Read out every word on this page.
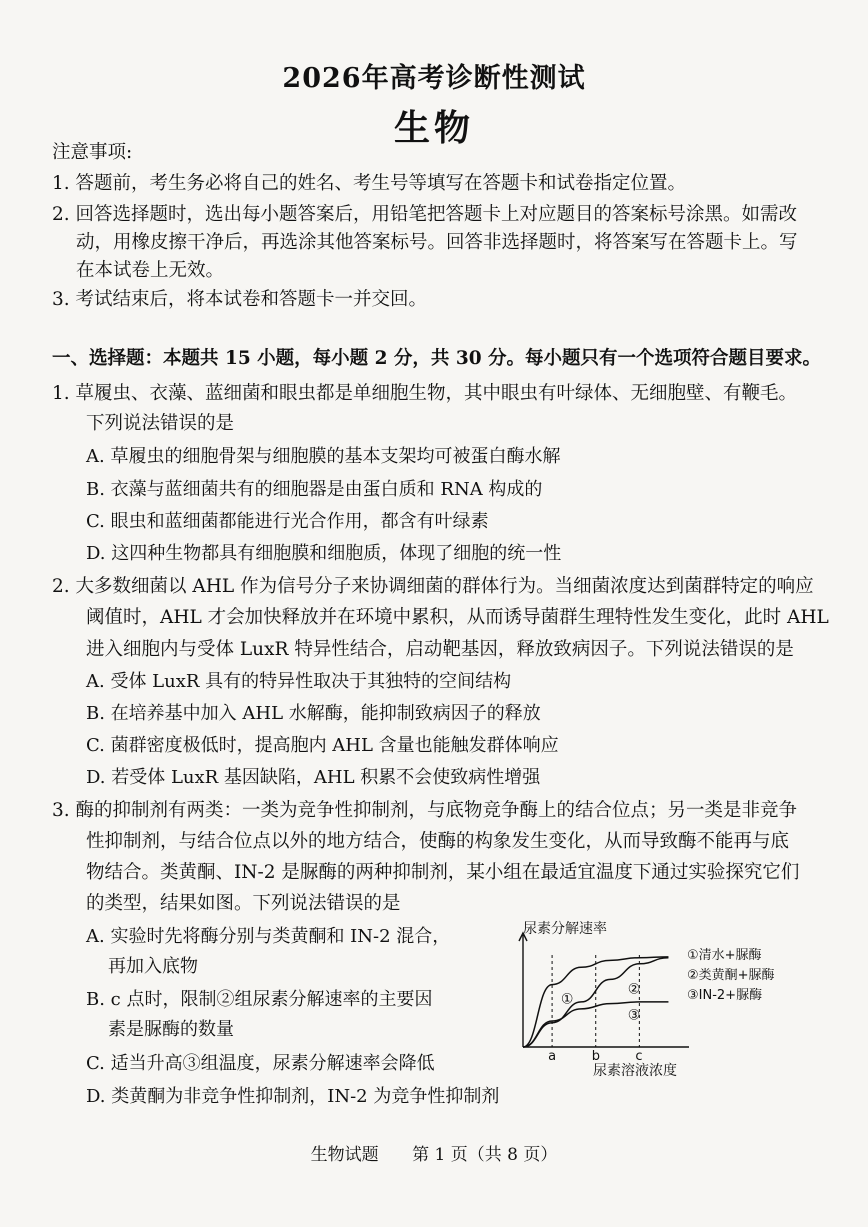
2026年高考诊断性测试
生物
注意事项:
1. 答题前，考生务必将自己的姓名、考生号等填写在答题卡和试卷指定位置。
2. 回答选择题时，选出每小题答案后，用铅笔把答题卡上对应题目的答案标号涂黑。如需改
动，用橡皮擦干净后，再选涂其他答案标号。回答非选择题时，将答案写在答题卡上。写
在本试卷上无效。
3. 考试结束后，将本试卷和答题卡一并交回。
一、选择题：本题共 15 小题，每小题 2 分，共 30 分。每小题只有一个选项符合题目要求。
1. 草履虫、衣藻、蓝细菌和眼虫都是单细胞生物，其中眼虫有叶绿体、无细胞壁、有鞭毛。
下列说法错误的是
A. 草履虫的细胞骨架与细胞膜的基本支架均可被蛋白酶水解
B. 衣藻与蓝细菌共有的细胞器是由蛋白质和 RNA 构成的
C. 眼虫和蓝细菌都能进行光合作用，都含有叶绿素
D. 这四种生物都具有细胞膜和细胞质，体现了细胞的统一性
2. 大多数细菌以 AHL 作为信号分子来协调细菌的群体行为。当细菌浓度达到菌群特定的响应
阈值时，AHL 才会加快释放并在环境中累积，从而诱导菌群生理特性发生变化，此时 AHL
进入细胞内与受体 LuxR 特异性结合，启动靶基因，释放致病因子。下列说法错误的是
A. 受体 LuxR 具有的特异性取决于其独特的空间结构
B. 在培养基中加入 AHL 水解酶，能抑制致病因子的释放
C. 菌群密度极低时，提高胞内 AHL 含量也能触发群体响应
D. 若受体 LuxR 基因缺陷，AHL 积累不会使致病性增强
3. 酶的抑制剂有两类：一类为竞争性抑制剂，与底物竞争酶上的结合位点；另一类是非竞争
性抑制剂，与结合位点以外的地方结合，使酶的构象发生变化，从而导致酶不能再与底
物结合。类黄酮、IN-2 是脲酶的两种抑制剂，某小组在最适宜温度下通过实验探究它们
的类型，结果如图。下列说法错误的是
A. 实验时先将酶分别与类黄酮和 IN-2 混合，
再加入底物
B. c 点时，限制②组尿素分解速率的主要因
素是脲酶的数量
C. 适当升高③组温度，尿素分解速率会降低
D. 类黄酮为非竞争性抑制剂，IN-2 为竞争性抑制剂
尿素分解速率
尿素溶液浓度
a	b	c
①
②
③
①清水+脲酶
②类黄酮+脲酶
③IN-2+脲酶
生物试题 第 1 页（共 8 页）
